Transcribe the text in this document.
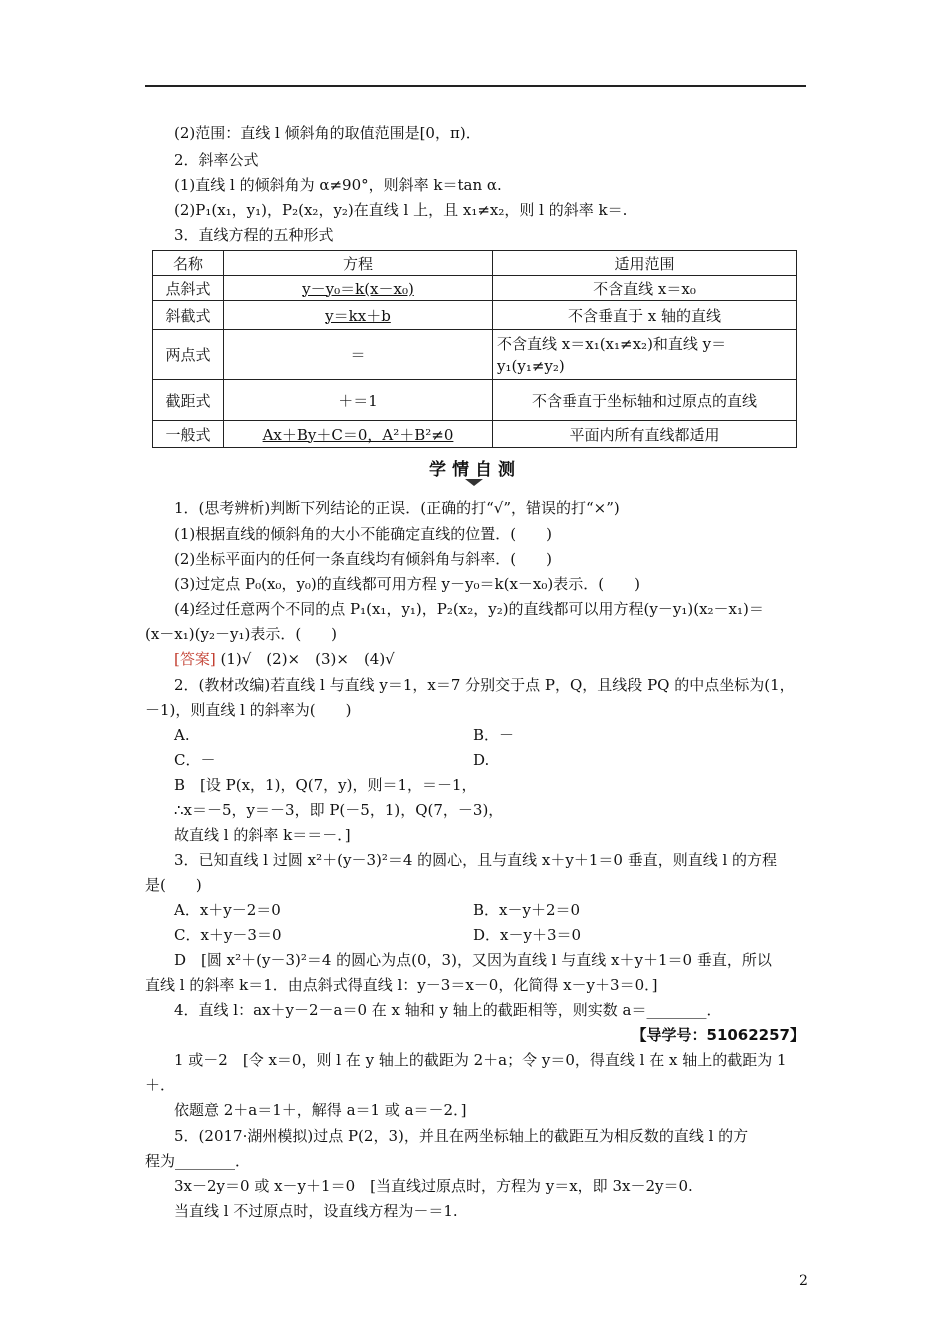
(2)范围：直线 l 倾斜角的取值范围是[0，π)．
2．斜率公式
(1)直线 l 的倾斜角为 α≠90°，则斜率 k＝tan α.
(2)P₁(x₁，y₁)，P₂(x₂，y₂)在直线 l 上，且 x₁≠x₂，则 l 的斜率 k＝.
3．直线方程的五种形式
名称	方程	适用范围
点斜式	y－y₀＝k(x－x₀)	不含直线 x＝x₀
斜截式	y＝kx＋b	不含垂直于 x 轴的直线
两点式	＝	不含直线 x＝x₁(x₁≠x₂)和直线 y＝y₁(y₁≠y₂)
截距式	＋＝1	不含垂直于坐标轴和过原点的直线
一般式	Ax＋By＋C＝0，A²＋B²≠0	平面内所有直线都适用
学情自测
1．(思考辨析)判断下列结论的正误．(正确的打“√”，错误的打“×”)
(1)根据直线的倾斜角的大小不能确定直线的位置．(　　)
(2)坐标平面内的任何一条直线均有倾斜角与斜率．(　　)
(3)过定点 P₀(x₀，y₀)的直线都可用方程 y－y₀＝k(x－x₀)表示．(　　)
(4)经过任意两个不同的点 P₁(x₁，y₁)，P₂(x₂，y₂)的直线都可以用方程(y－y₁)(x₂－x₁)＝
(x－x₁)(y₂－y₁)表示．(　　)
[答案] (1)√　(2)×　(3)×　(4)√
2．(教材改编)若直线 l 与直线 y＝1，x＝7 分别交于点 P，Q，且线段 PQ 的中点坐标为(1，
－1)，则直线 l 的斜率为(　　)
A.	B．－
C．－	D.
B　[设 P(x，1)，Q(7，y)，则＝1，＝－1，
∴x＝－5，y＝－3，即 P(－5，1)，Q(7，－3)，
故直线 l 的斜率 k＝＝－．]
3．已知直线 l 过圆 x²＋(y－3)²＝4 的圆心，且与直线 x＋y＋1＝0 垂直，则直线 l 的方程
是(　　)
A．x＋y－2＝0	B．x－y＋2＝0
C．x＋y－3＝0	D．x－y＋3＝0
D　[圆 x²＋(y－3)²＝4 的圆心为点(0，3)，又因为直线 l 与直线 x＋y＋1＝0 垂直，所以
直线 l 的斜率 k＝1．由点斜式得直线 l：y－3＝x－0，化简得 x－y＋3＝0．]
4．直线 l：ax＋y－2－a＝0 在 x 轴和 y 轴上的截距相等，则实数 a＝________．
【导学号：51062257】
1 或－2　[令 x＝0，则 l 在 y 轴上的截距为 2＋a；令 y＝0，得直线 l 在 x 轴上的截距为 1
＋．
依题意 2＋a＝1＋，解得 a＝1 或 a＝－2．]
5．(2017·湖州模拟)过点 P(2，3)，并且在两坐标轴上的截距互为相反数的直线 l 的方
程为________．
3x－2y＝0 或 x－y＋1＝0　[当直线过原点时，方程为 y＝x，即 3x－2y＝0.
当直线 l 不过原点时，设直线方程为－＝1.
2
